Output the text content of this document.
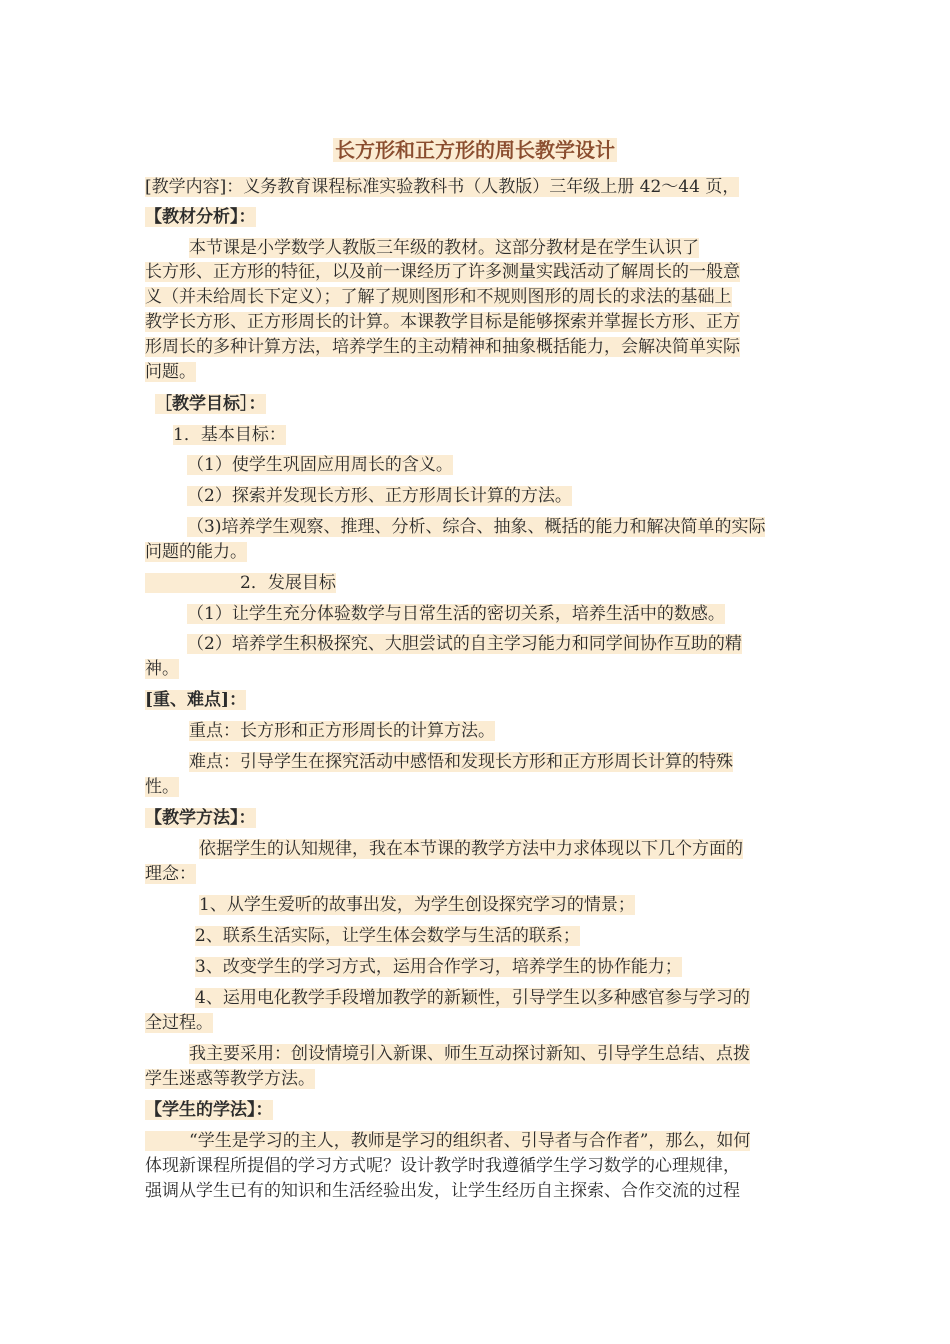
长方形和正方形的周长教学设计
[教学内容]：义务教育课程标准实验教科书（人教版）三年级上册 42～44 页，
【教材分析】：
本节课是小学数学人教版三年级的教材。这部分教材是在学生认识了
长方形、正方形的特征，以及前一课经历了许多测量实践活动了解周长的一般意
义（并未给周长下定义）；了解了规则图形和不规则图形的周长的求法的基础上
教学长方形、正方形周长的计算。本课教学目标是能够探索并掌握长方形、正方
形周长的多种计算方法，培养学生的主动精神和抽象概括能力，会解决简单实际
问题。
［教学目标］：
1．基本目标：
（1）使学生巩固应用周长的含义。
（2）探索并发现长方形、正方形周长计算的方法。
（3)培养学生观察、推理、分析、综合、抽象、概括的能力和解决简单的实际
问题的能力。
2．发展目标
（1）让学生充分体验数学与日常生活的密切关系，培养生活中的数感。
（2）培养学生积极探究、大胆尝试的自主学习能力和同学间协作互助的精
神。
[重、难点]：
重点：长方形和正方形周长的计算方法。
难点：引导学生在探究活动中感悟和发现长方形和正方形周长计算的特殊
性。
【教学方法】：
依据学生的认知规律，我在本节课的教学方法中力求体现以下几个方面的
理念：
1、从学生爱听的故事出发，为学生创设探究学习的情景；
2、联系生活实际，让学生体会数学与生活的联系；
3、改变学生的学习方式，运用合作学习，培养学生的协作能力；
4、运用电化教学手段增加教学的新颖性，引导学生以多种感官参与学习的
全过程。
我主要采用：创设情境引入新课、师生互动探讨新知、引导学生总结、点拨
学生迷惑等教学方法。
【学生的学法】：
“学生是学习的主人，教师是学习的组织者、引导者与合作者”，那么，如何
体现新课程所提倡的学习方式呢？设计教学时我遵循学生学习数学的心理规律，
强调从学生已有的知识和生活经验出发，让学生经历自主探索、合作交流的过程
